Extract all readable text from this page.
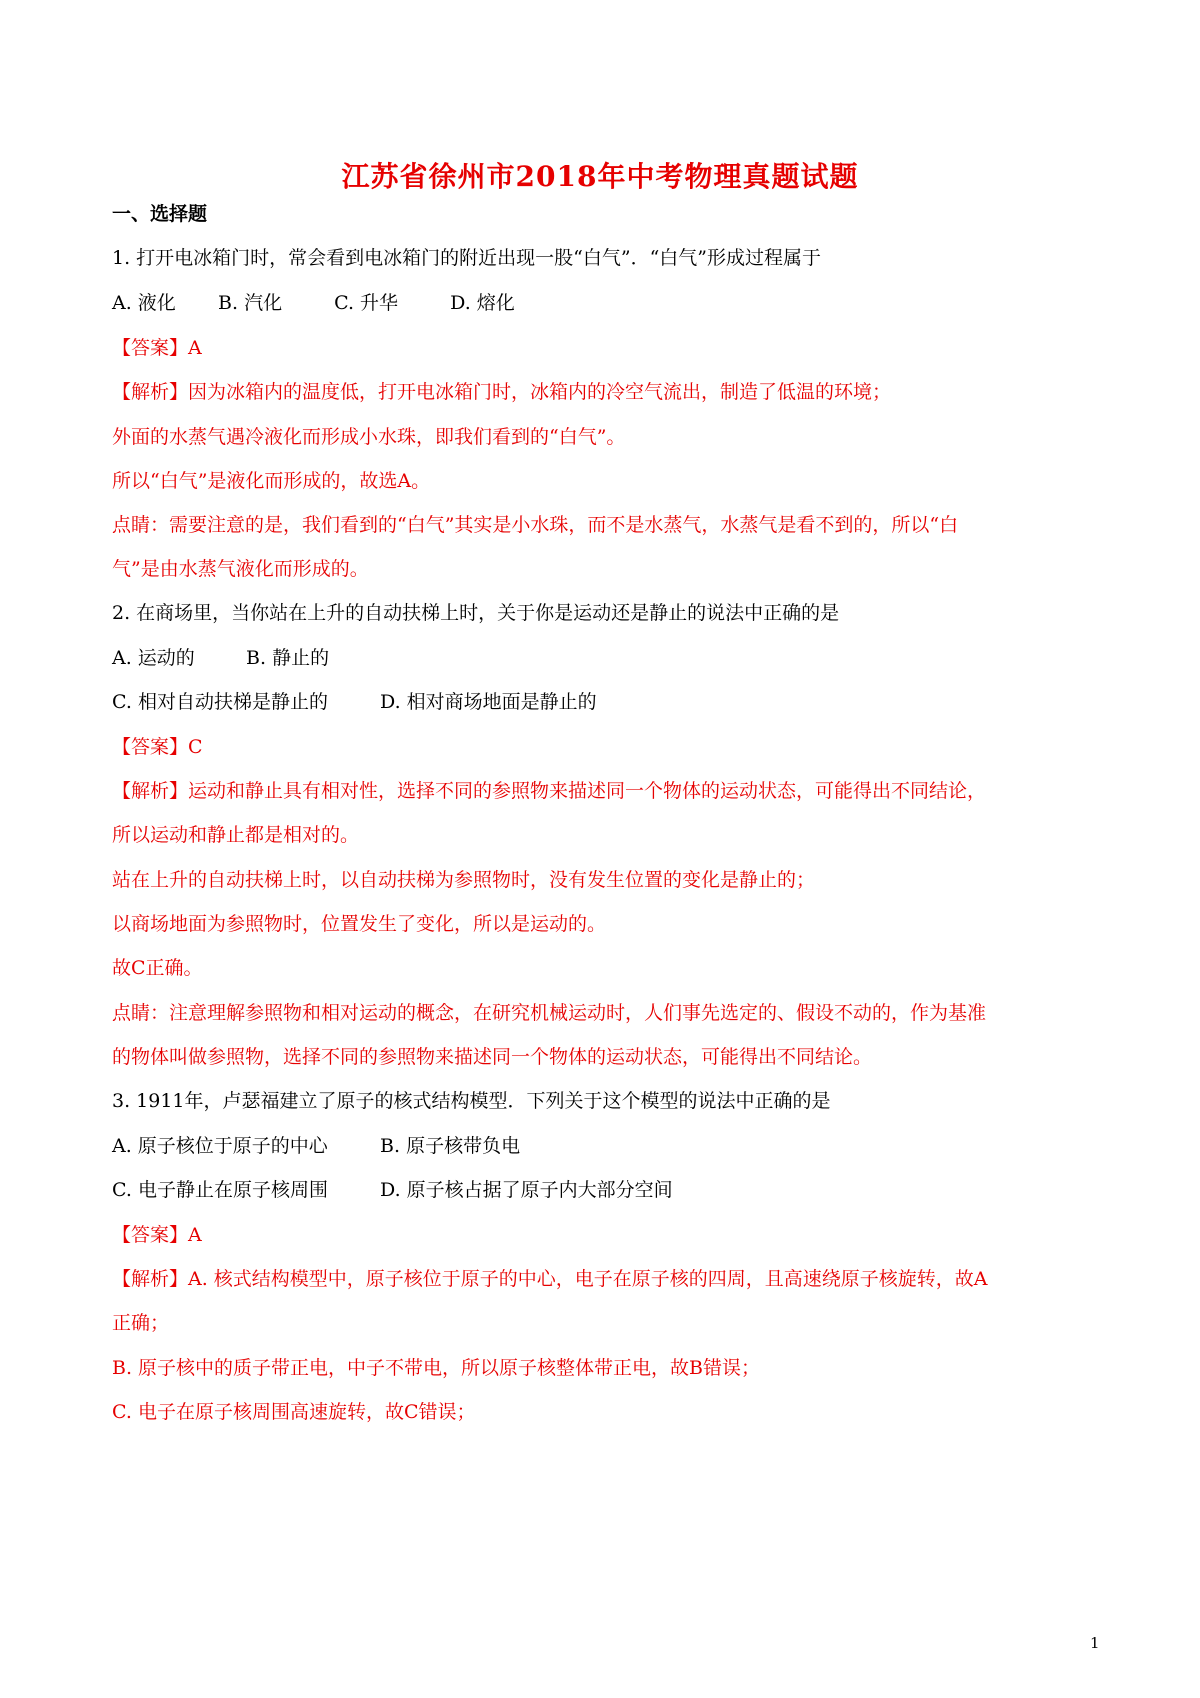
江苏省徐州市2018年中考物理真题试题
一、选择题
1. 打开电冰箱门时，常会看到电冰箱门的附近出现一股“白气”．“白气”形成过程属于
A. 液化 B. 汽化	C. 升华	D. 熔化
【答案】A
【解析】因为冰箱内的温度低，打开电冰箱门时，冰箱内的冷空气流出，制造了低温的环境；
外面的水蒸气遇冷液化而形成小水珠，即我们看到的“白气”。
所以“白气”是液化而形成的，故选A。
点睛：需要注意的是，我们看到的“白气”其实是小水珠，而不是水蒸气，水蒸气是看不到的，所以“白
气”是由水蒸气液化而形成的。
2. 在商场里，当你站在上升的自动扶梯上时，关于你是运动还是静止的说法中正确的是
A. 运动的	B. 静止的
C. 相对自动扶梯是静止的	D. 相对商场地面是静止的
【答案】C
【解析】运动和静止具有相对性，选择不同的参照物来描述同一个物体的运动状态，可能得出不同结论，
所以运动和静止都是相对的。
站在上升的自动扶梯上时，以自动扶梯为参照物时，没有发生位置的变化是静止的；
以商场地面为参照物时，位置发生了变化，所以是运动的。
故C正确。
点睛：注意理解参照物和相对运动的概念，在研究机械运动时，人们事先选定的、假设不动的，作为基准
的物体叫做参照物，选择不同的参照物来描述同一个物体的运动状态，可能得出不同结论。
3. 1911年，卢瑟福建立了原子的核式结构模型．下列关于这个模型的说法中正确的是
A. 原子核位于原子的中心	B. 原子核带负电
C. 电子静止在原子核周围	D. 原子核占据了原子内大部分空间
【答案】A
【解析】A. 核式结构模型中，原子核位于原子的中心，电子在原子核的四周，且高速绕原子核旋转，故A
正确；
B. 原子核中的质子带正电，中子不带电，所以原子核整体带正电，故B错误；
C. 电子在原子核周围高速旋转，故C错误；
1
